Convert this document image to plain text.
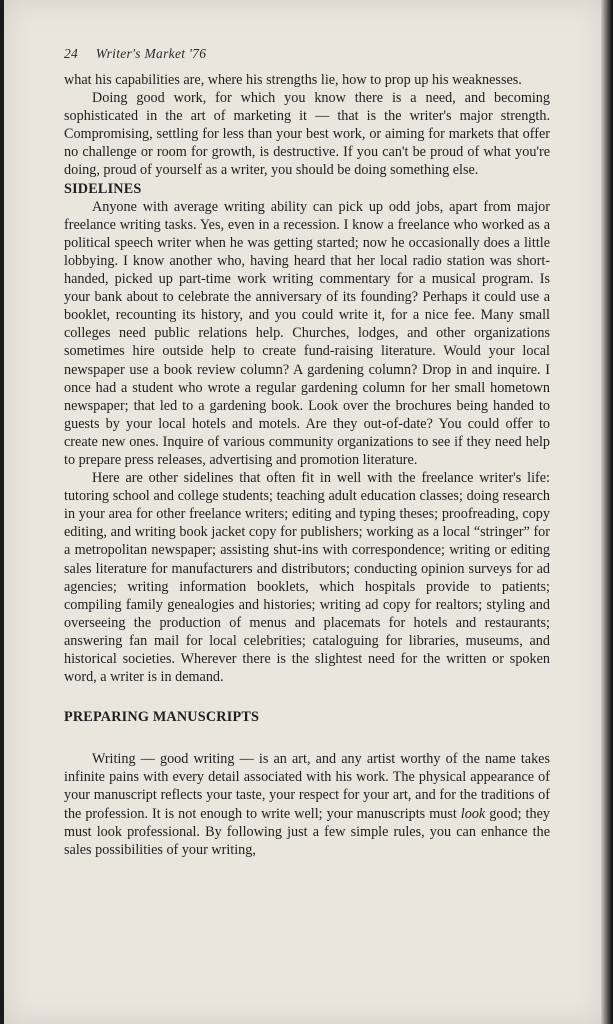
24 Writer's Market '76

what his capabilities are, where his strengths lie, how to prop up his weaknesses.

Doing good work, for which you know there is a need, and becoming sophisticated in the art of marketing it — that is the writer's major strength. Compromising, settling for less than your best work, or aiming for markets that offer no challenge or room for growth, is destructive. If you can't be proud of what you're doing, proud of yourself as a writer, you should be doing something else.

SIDELINES

Anyone with average writing ability can pick up odd jobs, apart from major freelance writing tasks. Yes, even in a recession. I know a freelance who worked as a political speech writer when he was getting started; now he occasionally does a little lobbying. I know another who, having heard that her local radio station was short-handed, picked up part-time work writing commentary for a musical program. Is your bank about to celebrate the anniversary of its founding? Perhaps it could use a booklet, recounting its history, and you could write it, for a nice fee. Many small colleges need public relations help. Churches, lodges, and other organizations sometimes hire outside help to create fund-raising literature. Would your local newspaper use a book review column? A gardening column? Drop in and inquire. I once had a student who wrote a regular gardening column for her small hometown newspaper; that led to a gardening book. Look over the brochures being handed to guests by your local hotels and motels. Are they out-of-date? You could offer to create new ones. Inquire of various community organizations to see if they need help to prepare press releases, advertising and promotion literature.

Here are other sidelines that often fit in well with the freelance writer's life: tutoring school and college students; teaching adult education classes; doing research in your area for other freelance writers; editing and typing theses; proofreading, copy editing, and writing book jacket copy for publishers; working as a local “stringer” for a metropolitan newspaper; assisting shut-ins with correspondence; writing or editing sales literature for manufacturers and distributors; conducting opinion surveys for ad agencies; writing information booklets, which hospitals provide to patients; compiling family genealogies and histories; writing ad copy for realtors; styling and overseeing the production of menus and placemats for hotels and restaurants; answering fan mail for local celebrities; cataloguing for libraries, museums, and historical societies. Wherever there is the slightest need for the written or spoken word, a writer is in demand.

PREPARING MANUSCRIPTS

Writing — good writing — is an art, and any artist worthy of the name takes infinite pains with every detail associated with his work. The physical appearance of your manuscript reflects your taste, your respect for your art, and for the traditions of the profession. It is not enough to write well; your manuscripts must look good; they must look professional. By following just a few simple rules, you can enhance the sales possibilities of your writing,
